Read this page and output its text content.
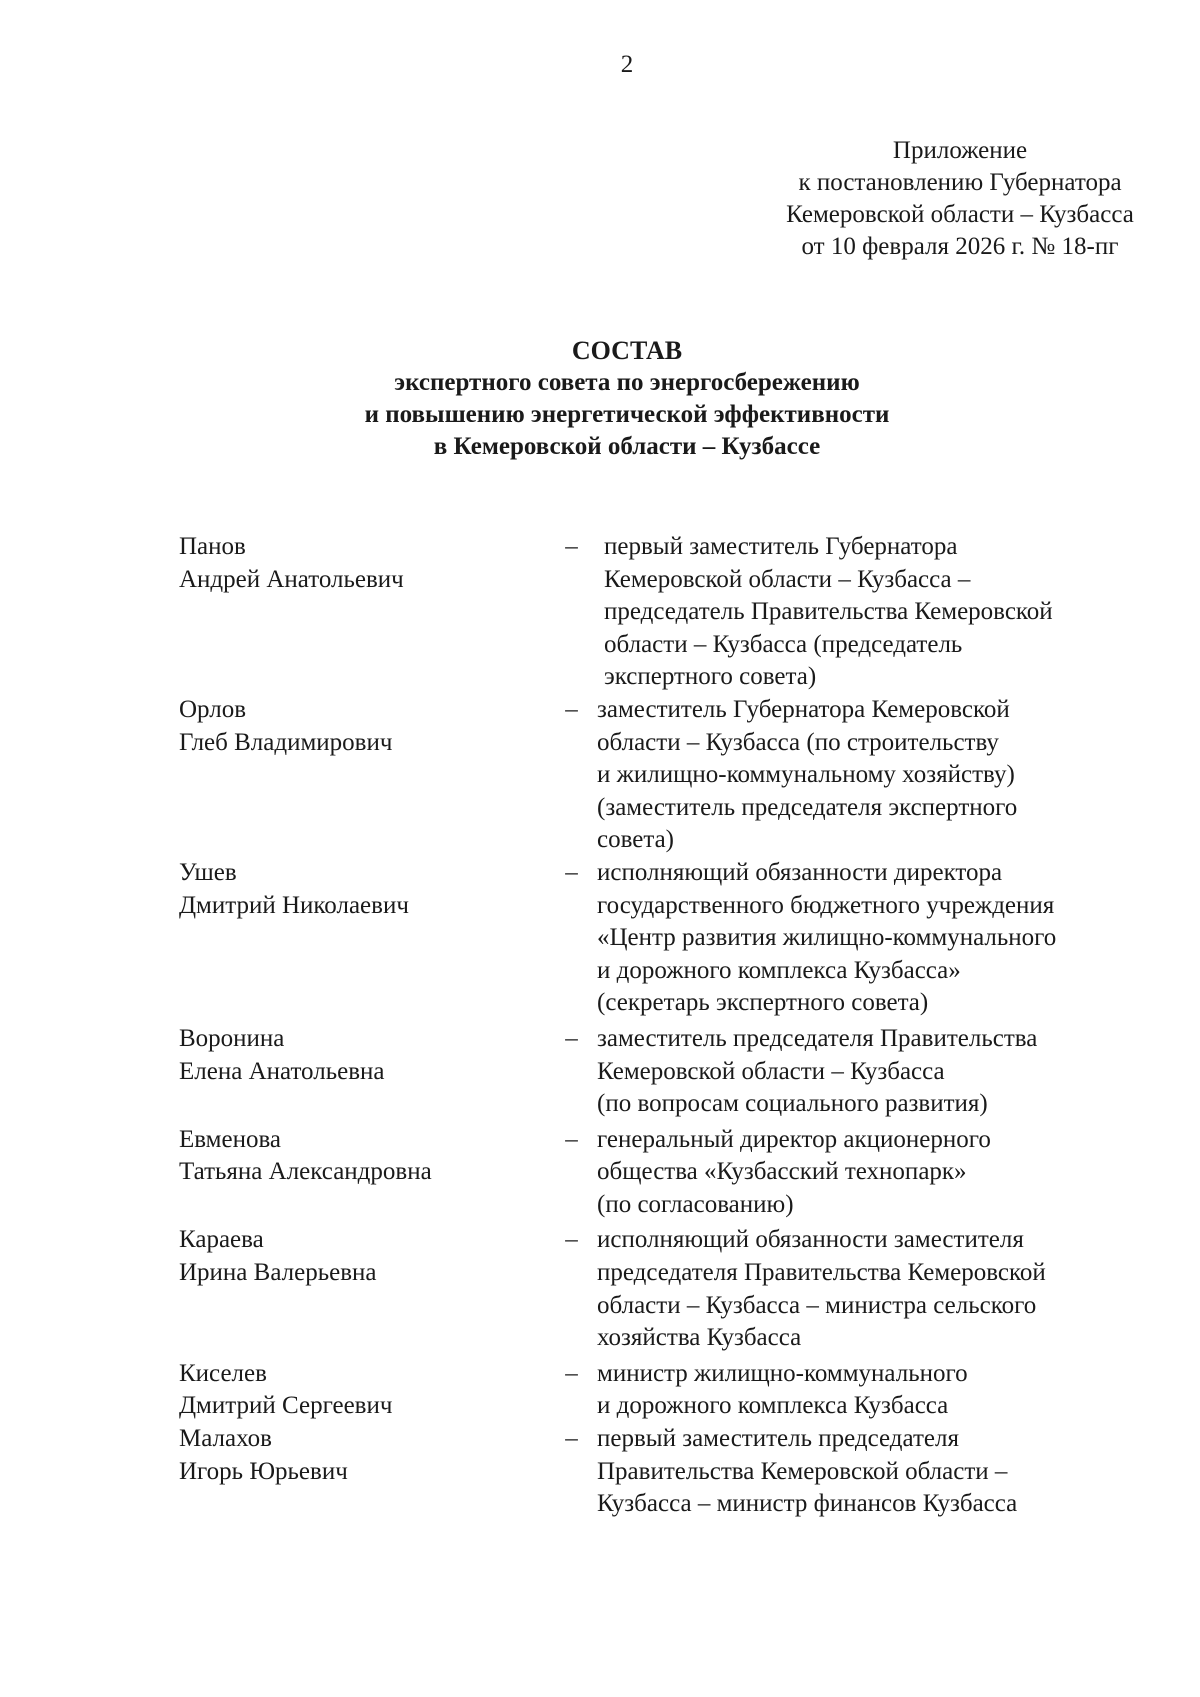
2
Приложение
к постановлению Губернатора
Кемеровской области – Кузбасса
от 10 февраля 2026 г. № 18-пг
СОСТАВ
экспертного совета по энергосбережению
и повышению энергетической эффективности
в Кемеровской области – Кузбассе
Панов
Андрей Анатольевич
–	первый заместитель Губернатора
Кемеровской области – Кузбасса –
председатель Правительства Кемеровской
области – Кузбасса (председатель
экспертного совета)
Орлов
Глеб Владимирович
– заместитель Губернатора Кемеровской
области – Кузбасса (по строительству
и жилищно-коммунальному хозяйству)
(заместитель председателя экспертного
совета)
Ушев
Дмитрий Николаевич
– исполняющий обязанности директора
государственного бюджетного учреждения
«Центр развития жилищно-коммунального
и дорожного комплекса Кузбасса»
(секретарь экспертного совета)
Воронина
Елена Анатольевна
– заместитель председателя Правительства
Кемеровской области – Кузбасса
(по вопросам социального развития)
Евменова
Татьяна Александровна
– генеральный директор акционерного
общества «Кузбасский технопарк»
(по согласованию)
Караева
Ирина Валерьевна
– исполняющий обязанности заместителя
председателя Правительства Кемеровской
области – Кузбасса – министра сельского
хозяйства Кузбасса
Киселев
Дмитрий Сергеевич
– министр жилищно-коммунального
и дорожного комплекса Кузбасса
Малахов
Игорь Юрьевич
– первый заместитель председателя
Правительства Кемеровской области –
Кузбасса – министр финансов Кузбасса
